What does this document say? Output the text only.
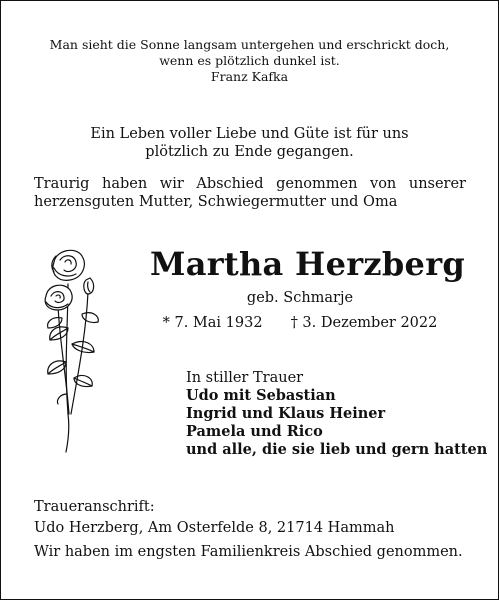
Man sieht die Sonne langsam untergehen und erschrickt doch,

wenn es plötzlich dunkel ist.

Franz Kafka

Ein Leben voller Liebe und Güte ist für uns

plötzlich zu Ende gegangen.

Traurig haben wir Abschied genommen von unserer
herzensguten Mutter, Schwiegermutter und Oma
Martha Herzberg

geb. Schmarje

* 7. Mai 1932 † 3. Dezember 2022

In stiller Trauer
Udo mit Sebastian
Ingrid und Klaus Heiner
Pamela und Rico
und alle, die sie lieb und gern hatten

Traueranschrift:

Udo Herzberg, Am Osterfelde 8, 21714 Hammah

Wir haben im engsten Familienkreis Abschied genommen.
